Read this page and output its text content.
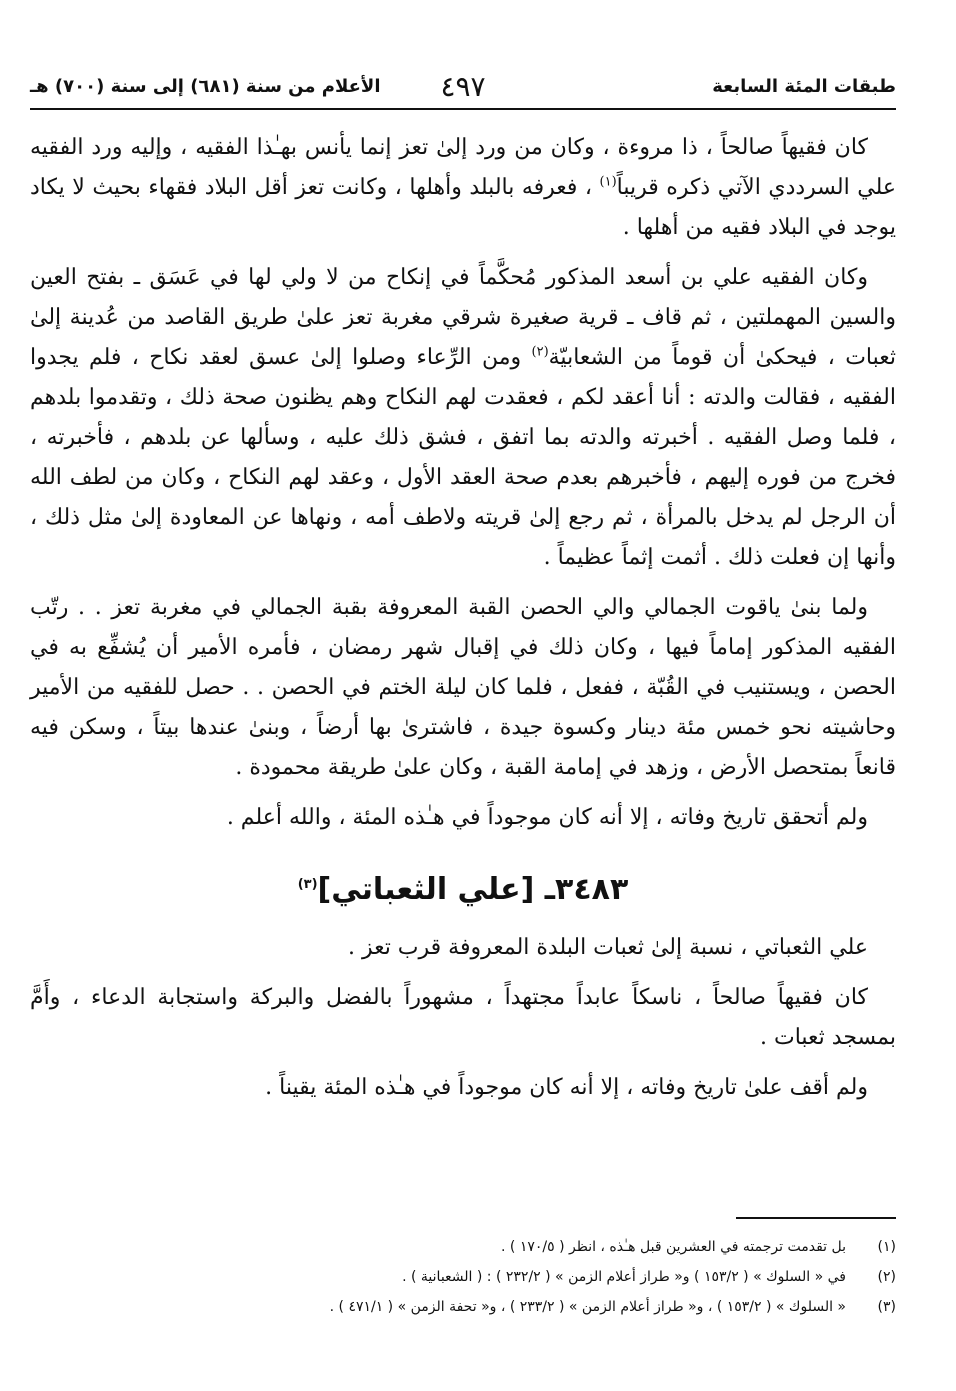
طبقات المئة السابعة
٤٩٧
الأعلام من سنة (٦٨١) إلى سنة (٧٠٠) هـ

كان فقيهاً صالحاً ، ذا مروءة ، وكان من ورد إلىٰ تعز إنما يأنس بهـٰذا الفقيه ، وإليه ورد الفقيه علي السرددي الآتي ذكره قريباً$^{(١)}$ ، فعرفه بالبلد وأهلها ، وكانت تعز أقل البلاد فقهاء بحيث لا يكاد يوجد في البلاد فقيه من أهلها .

وكان الفقيه علي بن أسعد المذكور مُحكَّماً في إنكاح من لا ولي لها في عَسَق ـ بفتح العين والسين المهملتين ، ثم قاف ـ قرية صغيرة شرقي مغربة تعز علىٰ طريق القاصد من عُدينة إلىٰ ثعبات ، فيحكىٰ أن قوماً من الشعابيّة$^{(٢)}$ ومن الرِّعاء وصلوا إلىٰ عسق لعقد نكاح ، فلم يجدوا الفقيه ، فقالت والدته : أنا أعقد لكم ، فعقدت لهم النكاح وهم يظنون صحة ذلك ، وتقدموا بلدهم ، فلما وصل الفقيه . أخبرته والدته بما اتفق ، فشق ذلك عليه ، وسألها عن بلدهم ، فأخبرته ، فخرج من فوره إليهم ، فأخبرهم بعدم صحة العقد الأول ، وعقد لهم النكاح ، وكان من لطف الله أن الرجل لم يدخل بالمرأة ، ثم رجع إلىٰ قريته ولاطف أمه ، ونهاها عن المعاودة إلىٰ مثل ذلك ، وأنها إن فعلت ذلك . أثمت إثماً عظيماً .

ولما بنىٰ ياقوت الجمالي والي الحصن القبة المعروفة بقبة الجمالي في مغربة تعز . . رتّب الفقيه المذكور إماماً فيها ، وكان ذلك في إقبال شهر رمضان ، فأمره الأمير أن يُشفِّع به في الحصن ، ويستنيب في القُبّة ، ففعل ، فلما كان ليلة الختم في الحصن . . حصل للفقيه من الأمير وحاشيته نحو خمس مئة دينار وكسوة جيدة ، فاشترىٰ بها أرضاً ، وبنىٰ عندها بيتاً ، وسكن فيه قانعاً بمتحصل الأرض ، وزهد في إمامة القبة ، وكان علىٰ طريقة محمودة .

ولم أتحقق تاريخ وفاته ، إلا أنه كان موجوداً في هـٰذه المئة ، والله أعلم .

٣٤٨٣ـ [علي الثعباتي]$^{(٣)}$

علي الثعباتي ، نسبة إلىٰ ثعبات البلدة المعروفة قرب تعز .

كان فقيهاً صالحاً ، ناسكاً عابداً مجتهداً ، مشهوراً بالفضل والبركة واستجابة الدعاء ، وأَمَّ بمسجد ثعبات .

ولم أقف علىٰ تاريخ وفاته ، إلا أنه كان موجوداً في هـٰذه المئة يقيناً .

(١)
بل تقدمت ترجمته في العشرين قبل هـٰذه ، انظر ( ١٧٠/٥ ) .
(٢)
في « السلوك » ( ١٥٣/٢ ) و« طراز أعلام الزمن » ( ٢٣٢/٢ ) : ( الشعبانية ) .
(٣)
« السلوك » ( ١٥٣/٢ ) ، و« طراز أعلام الزمن » ( ٢٣٣/٢ ) ، و« تحفة الزمن » ( ٤٧١/١ ) .
